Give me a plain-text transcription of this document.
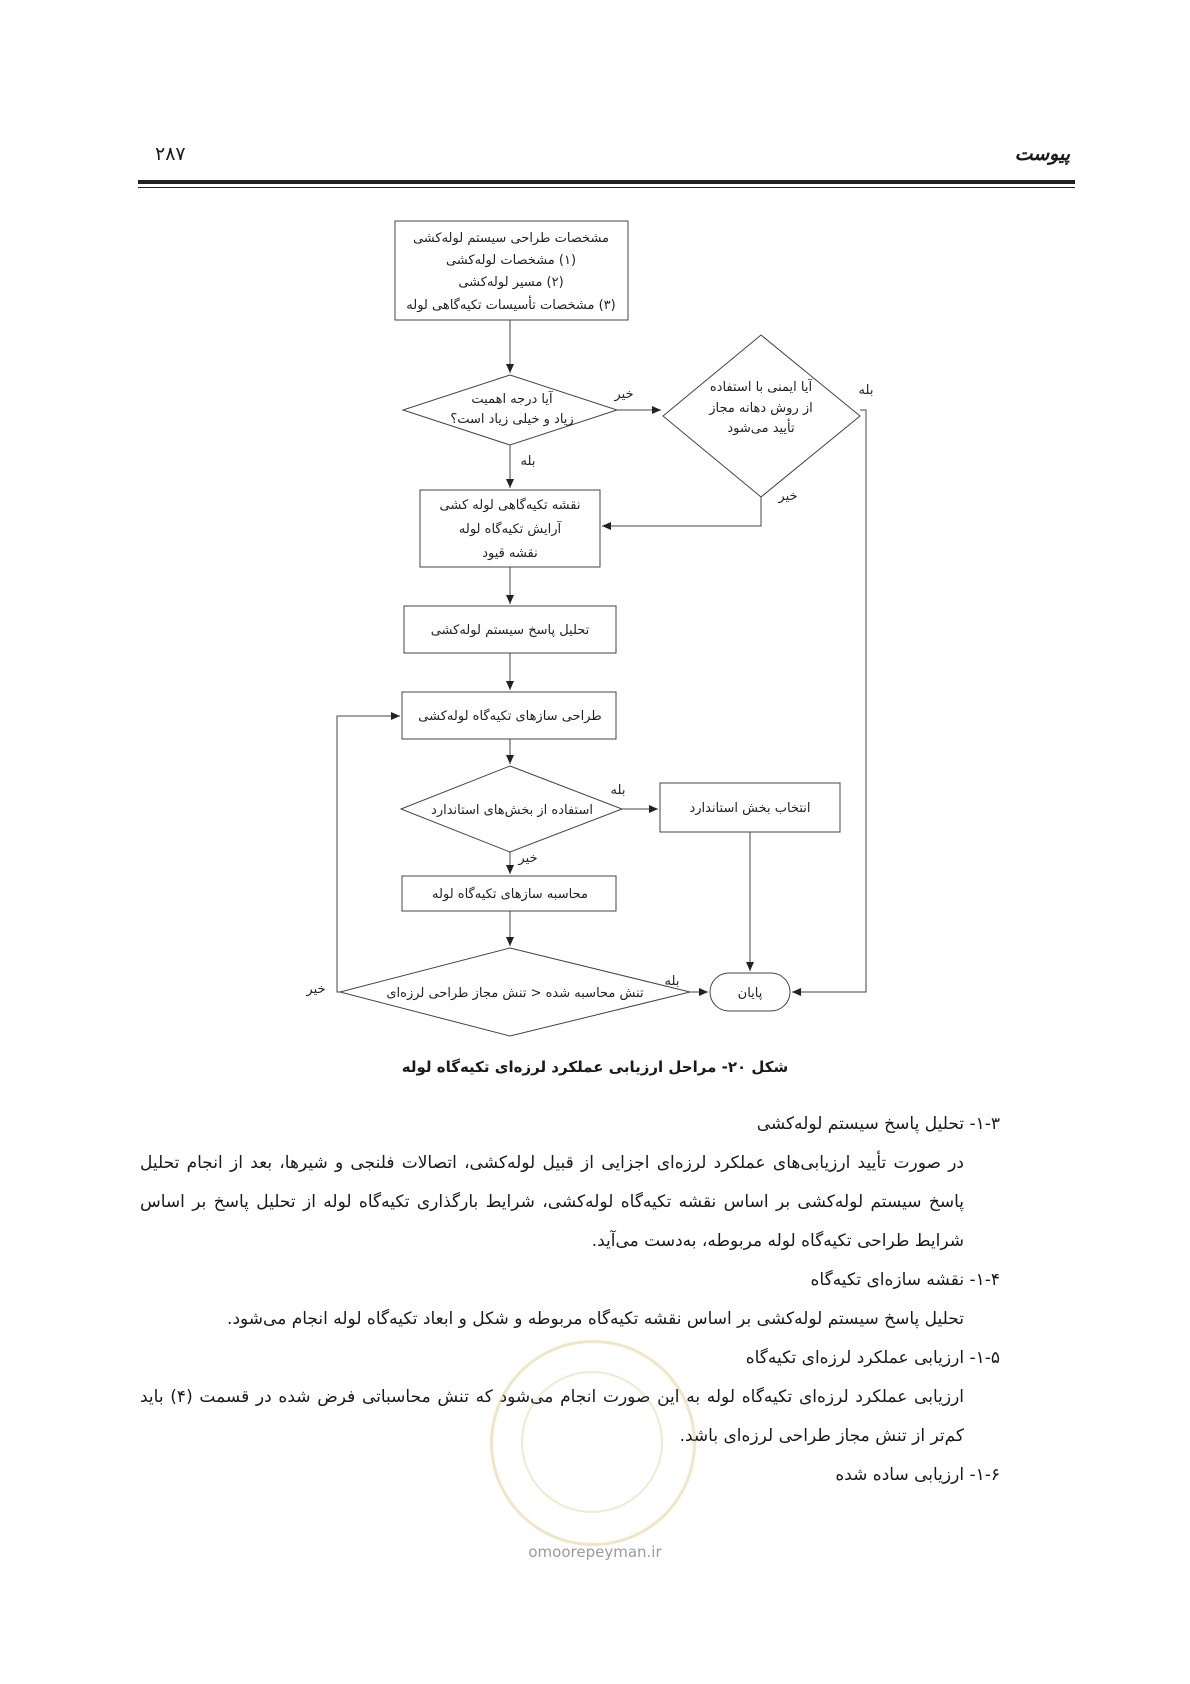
پیوست
۲۸۷
مشخصات طراحی سیستم لوله‌کشی
(۱) مشخصات لوله‌کشی
(۲) مسیر لوله‌کشی
(۳) مشخصات تأسیسات تکیه‌گاهی لوله
آیا درجه اهمیت
زیاد و خیلی زیاد است؟
آیا ایمنی با استفاده
از روش دهانه مجاز
تأیید می‌شود
نقشه تکیه‌گاهی لوله کشی
آرایش تکیه‌گاه لوله
نقشه قیود
تحلیل پاسخ سیستم لوله‌کشی
طراحی سازهای تکیه‌گاه لوله‌کشی
استفاده از بخش‌های استاندارد	انتخاب بخش استاندارد
محاسبه سازهای تکیه‌گاه لوله
تنش محاسبه شده < تنش مجاز طراحی لرزه‌ای	پایان
خیر
بله
بله
خیر
بله
خیر
بله
خیر
شکل ۲۰- مراحل ارزیابی عملکرد لرزه‌ای تکیه‌گاه لوله

۱-۳- تحلیل پاسخ سیستم لوله‌کشی

در صورت تأیید ارزیابی‌های عملکرد لرزه‌ای اجزایی از قبیل لوله‌کشی، اتصالات فلنجی و شیرها، بعد از انجام تحلیل پاسخ سیستم لوله‌کشی بر اساس نقشه تکیه‌گاه لوله‌کشی، شرایط بارگذاری تکیه‌گاه لوله از تحلیل پاسخ بر اساس شرایط طراحی تکیه‌گاه لوله مربوطه، به‌دست می‌آید.

۱-۴- نقشه سازه‌ای تکیه‌گاه

تحلیل پاسخ سیستم لوله‌کشی بر اساس نقشه تکیه‌گاه مربوطه و شکل و ابعاد تکیه‌گاه لوله انجام می‌شود.

۱-۵- ارزیابی عملکرد لرزه‌ای تکیه‌گاه

ارزیابی عملکرد لرزه‌ای تکیه‌گاه لوله به این صورت انجام می‌شود که تنش محاسباتی فرض شده در قسمت (۴) باید کم‌تر از تنش مجاز طراحی لرزه‌ای باشد.

۱-۶- ارزیابی ساده شده

omoorepeyman.ir
